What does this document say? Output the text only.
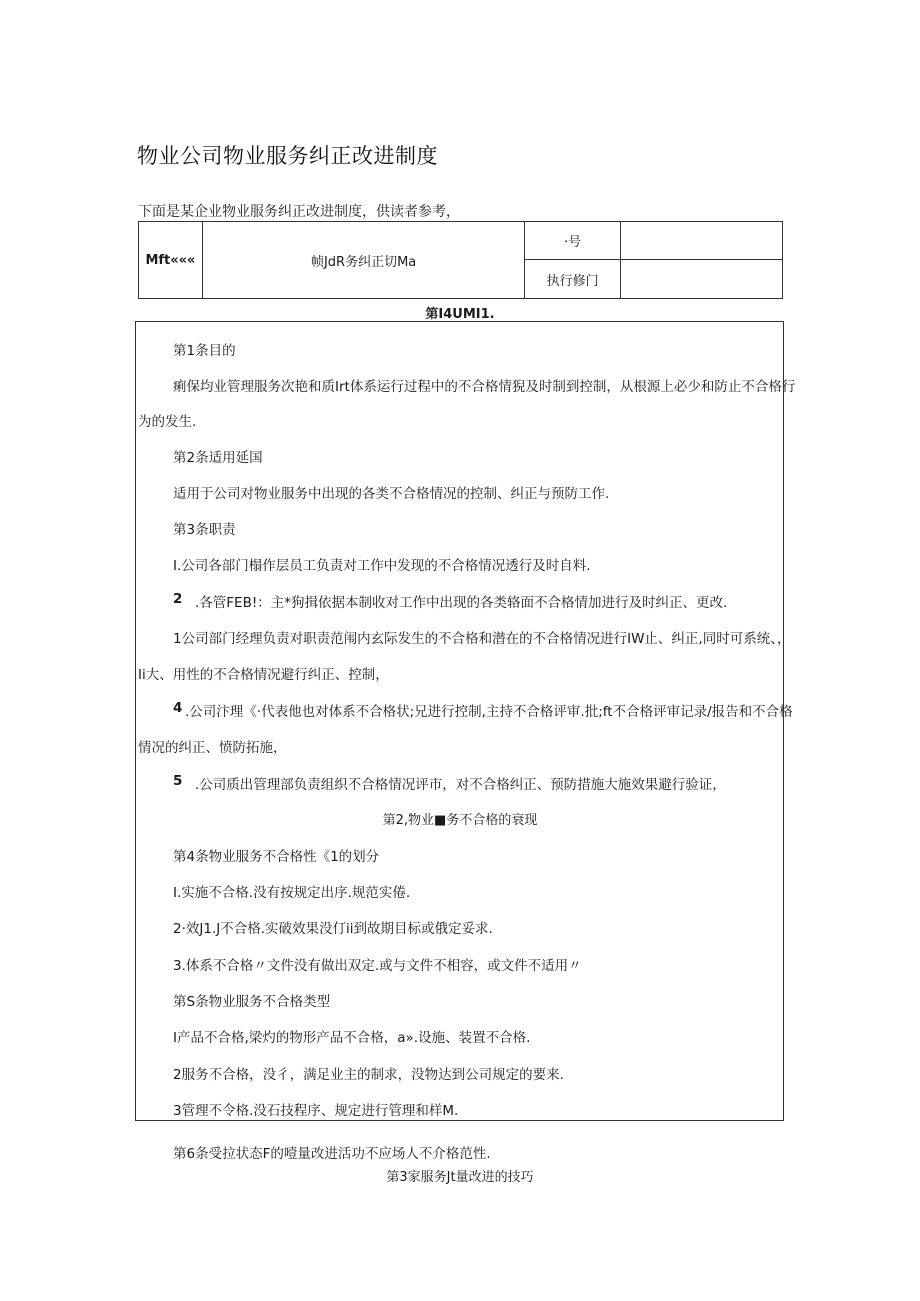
物业公司物业服务纠正改进制度
下面是某企业物业服务纠正改进制度，供读者参考，
Mft«««	帧JdR务纠正切Ma	·号	
		执行修门	
第I4UMI1.
第1条目的
痢保均业管理服务次艳和质Irt体系运行过程中的不合格情猊及时制到控制，从根源上必少和防止不合格行
为的发生.
第2条适用延国
适用于公司对物业服务中出现的各类不合格情况的控制、纠正与预防工作.
第3条职责
I.公司各部门榻作层员工负责对工作中发现的不合格情况透行及时自料.
2 .各管FEB!：主*狗揖依据本制收对工作中出现的各类辂面不合格情加进行及时纠正、更改.
1公司部门经理负责对职责范闱内玄际发生的不合格和潜在的不合格情况进行IW止、纠正,同时可系统、，
Ii大、用性的不合格情况避行纠正、控制，
4 .公司汴理《·代表他也对体系不合格状;兄进行控制,主持不合格评审.批;ft不合格评审记录/报告和不合格
情况的纠正、愤防拓施，
5 .公司质出管理部负责组织不合格情况评市，对不合格纠正、预防措施大施效果避行验证，
第2,物业■务不合格的衰现
第4条物业服务不合格性《1的划分
I.实施不合格.没有按规定出序.规范实倦.
2·效J1.J不合格.实破效果没仃ii到故期目标或俄定妥求.
3.体系不合格〃文件没有做出双定.或与文件不相容，或文件不适用〃
第S条物业服务不合格类型
I产品不合格,梁灼的物形产品不合格，a».设施、装置不合格.
2服务不合格，没彳，满足业主的制求，没物达到公司规定的要来.
3管理不令格.没石技程序、规定进行管理和样M.
第6条受拉状态F的噎量改进活功不应场人不介格范性.
第3家服务Jt量改进的技巧
